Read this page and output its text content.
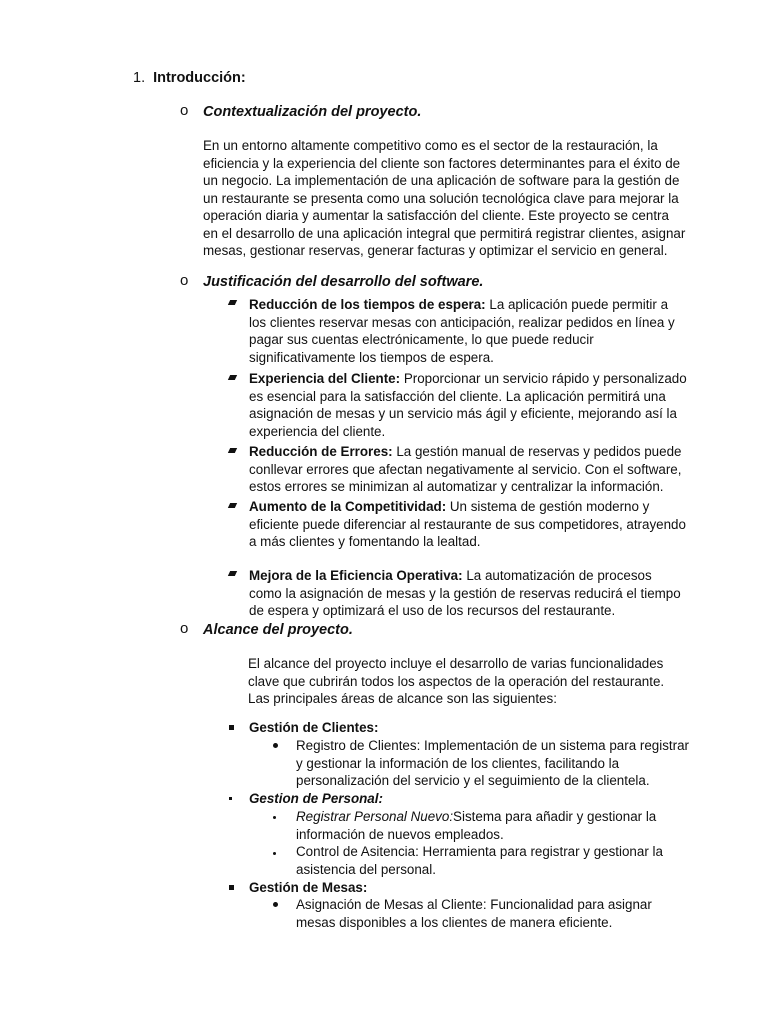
1. Introducción:
o Contextualización del proyecto.
En un entorno altamente competitivo como es el sector de la restauración, la
eficiencia y la experiencia del cliente son factores determinantes para el éxito de
un negocio. La implementación de una aplicación de software para la gestión de
un restaurante se presenta como una solución tecnológica clave para mejorar la
operación diaria y aumentar la satisfacción del cliente. Este proyecto se centra
en el desarrollo de una aplicación integral que permitirá registrar clientes, asignar
mesas, gestionar reservas, generar facturas y optimizar el servicio en general.
o Justificación del desarrollo del software.
Reducción de los tiempos de espera: La aplicación puede permitir a
los clientes reservar mesas con anticipación, realizar pedidos en línea y
pagar sus cuentas electrónicamente, lo que puede reducir
significativamente los tiempos de espera.
Experiencia del Cliente: Proporcionar un servicio rápido y personalizado
es esencial para la satisfacción del cliente. La aplicación permitirá una
asignación de mesas y un servicio más ágil y eficiente, mejorando así la
experiencia del cliente.
Reducción de Errores: La gestión manual de reservas y pedidos puede
conllevar errores que afectan negativamente al servicio. Con el software,
estos errores se minimizan al automatizar y centralizar la información.
Aumento de la Competitividad: Un sistema de gestión moderno y
eficiente puede diferenciar al restaurante de sus competidores, atrayendo
a más clientes y fomentando la lealtad.
Mejora de la Eficiencia Operativa: La automatización de procesos
como la asignación de mesas y la gestión de reservas reducirá el tiempo
de espera y optimizará el uso de los recursos del restaurante.
o Alcance del proyecto.
El alcance del proyecto incluye el desarrollo de varias funcionalidades
clave que cubrirán todos los aspectos de la operación del restaurante.
Las principales áreas de alcance son las siguientes:
Gestión de Clientes:
Registro de Clientes: Implementación de un sistema para registrar
y gestionar la información de los clientes, facilitando la
personalización del servicio y el seguimiento de la clientela.
Gestion de Personal:
Registrar Personal Nuevo:Sistema para añadir y gestionar la
información de nuevos empleados.
Control de Asitencia: Herramienta para registrar y gestionar la
asistencia del personal.
Gestión de Mesas:
Asignación de Mesas al Cliente: Funcionalidad para asignar
mesas disponibles a los clientes de manera eficiente.
